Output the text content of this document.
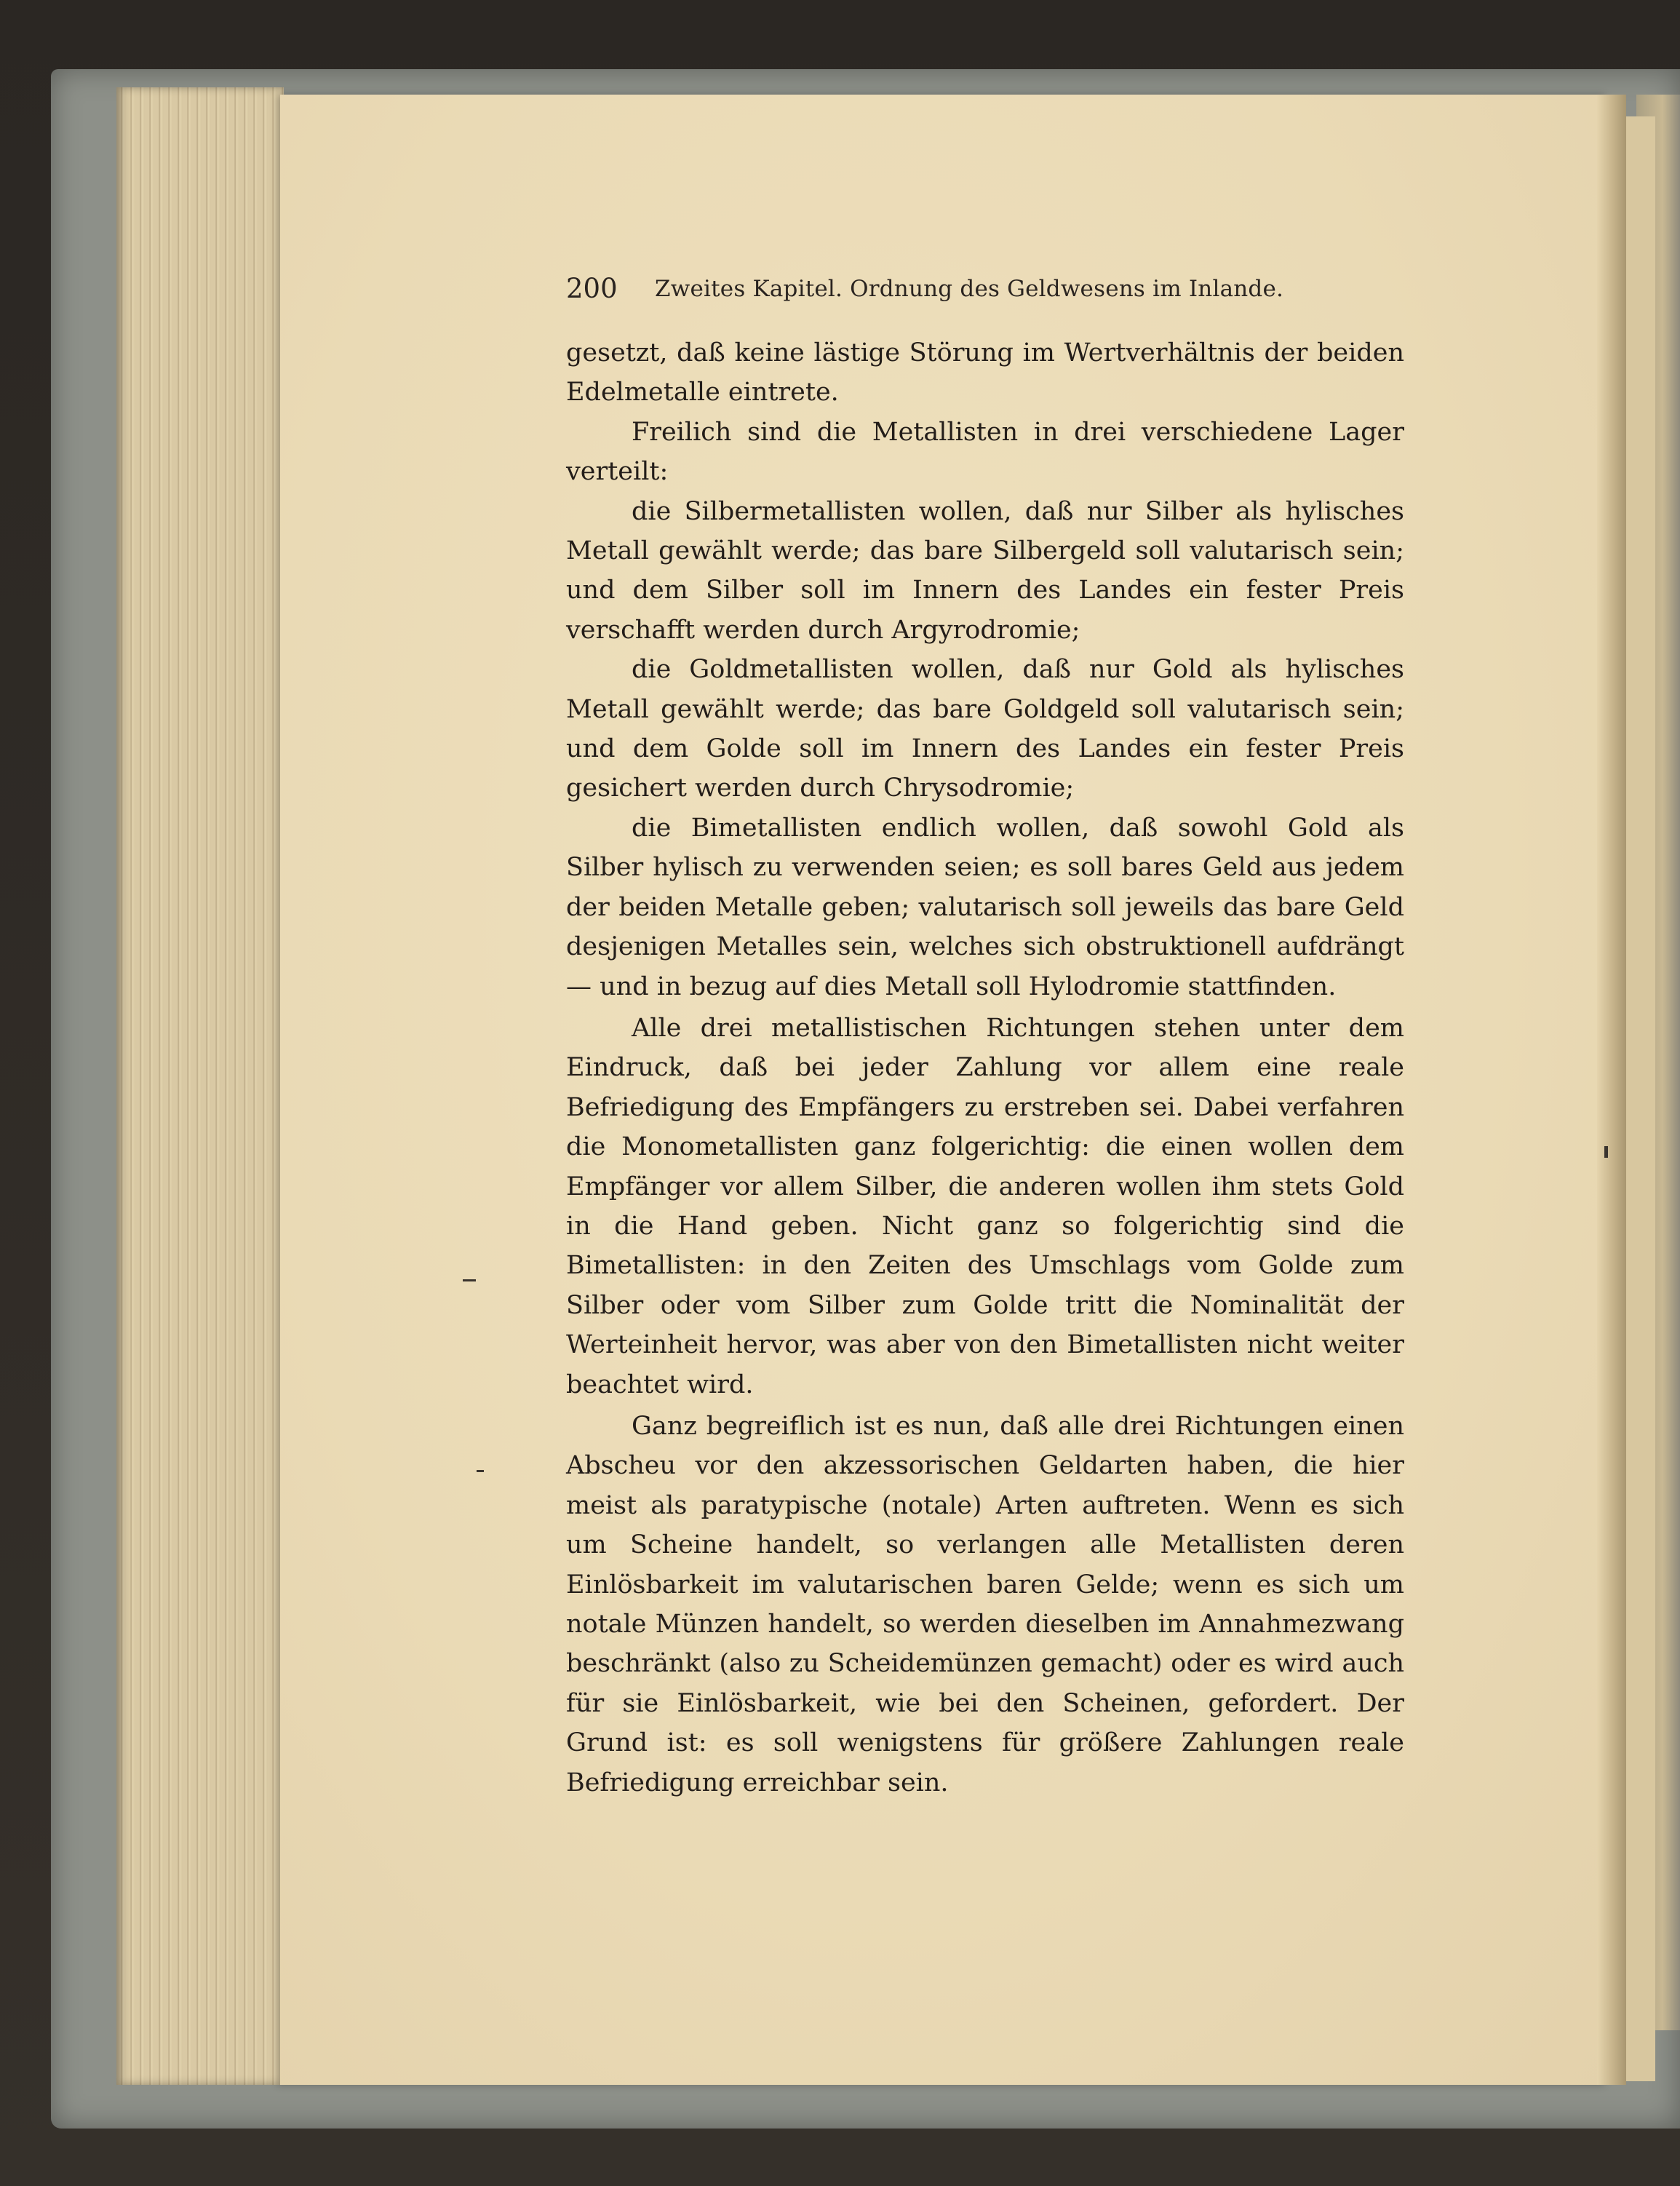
200 Zweites Kapitel. Ordnung des Geldwesens im Inlande.

gesetzt, daß keine lästige Störung im Wertverhältnis der beiden Edelmetalle eintrete.

Freilich sind die Metallisten in drei verschiedene Lager verteilt:

die Silbermetallisten wollen, daß nur Silber als hylisches Metall gewählt werde; das bare Silbergeld soll valutarisch sein; und dem Silber soll im Innern des Landes ein fester Preis verschafft werden durch Argyrodromie;

die Goldmetallisten wollen, daß nur Gold als hylisches Metall gewählt werde; das bare Goldgeld soll valutarisch sein; und dem Golde soll im Innern des Landes ein fester Preis gesichert werden durch Chrysodromie;

die Bimetallisten endlich wollen, daß sowohl Gold als Silber hylisch zu verwenden seien; es soll bares Geld aus jedem der beiden Metalle geben; valutarisch soll jeweils das bare Geld desjenigen Metalles sein, welches sich obstruktionell aufdrängt — und in bezug auf dies Metall soll Hylodromie stattfinden.

Alle drei metallistischen Richtungen stehen unter dem Eindruck, daß bei jeder Zahlung vor allem eine reale Befriedigung des Empfängers zu erstreben sei. Dabei verfahren die Monometallisten ganz folgerichtig: die einen wollen dem Empfänger vor allem Silber, die anderen wollen ihm stets Gold in die Hand geben. Nicht ganz so folgerichtig sind die Bimetallisten: in den Zeiten des Umschlags vom Golde zum Silber oder vom Silber zum Golde tritt die Nominalität der Werteinheit hervor, was aber von den Bimetallisten nicht weiter beachtet wird.

Ganz begreiflich ist es nun, daß alle drei Richtungen einen Abscheu vor den akzessorischen Geldarten haben, die hier meist als paratypische (notale) Arten auftreten. Wenn es sich um Scheine handelt, so verlangen alle Metallisten deren Einlösbarkeit im valutarischen baren Gelde; wenn es sich um notale Münzen handelt, so werden dieselben im Annahmezwang beschränkt (also zu Scheidemünzen gemacht) oder es wird auch für sie Einlösbarkeit, wie bei den Scheinen, gefordert. Der Grund ist: es soll wenigstens für größere Zahlungen reale Befriedigung erreichbar sein.
